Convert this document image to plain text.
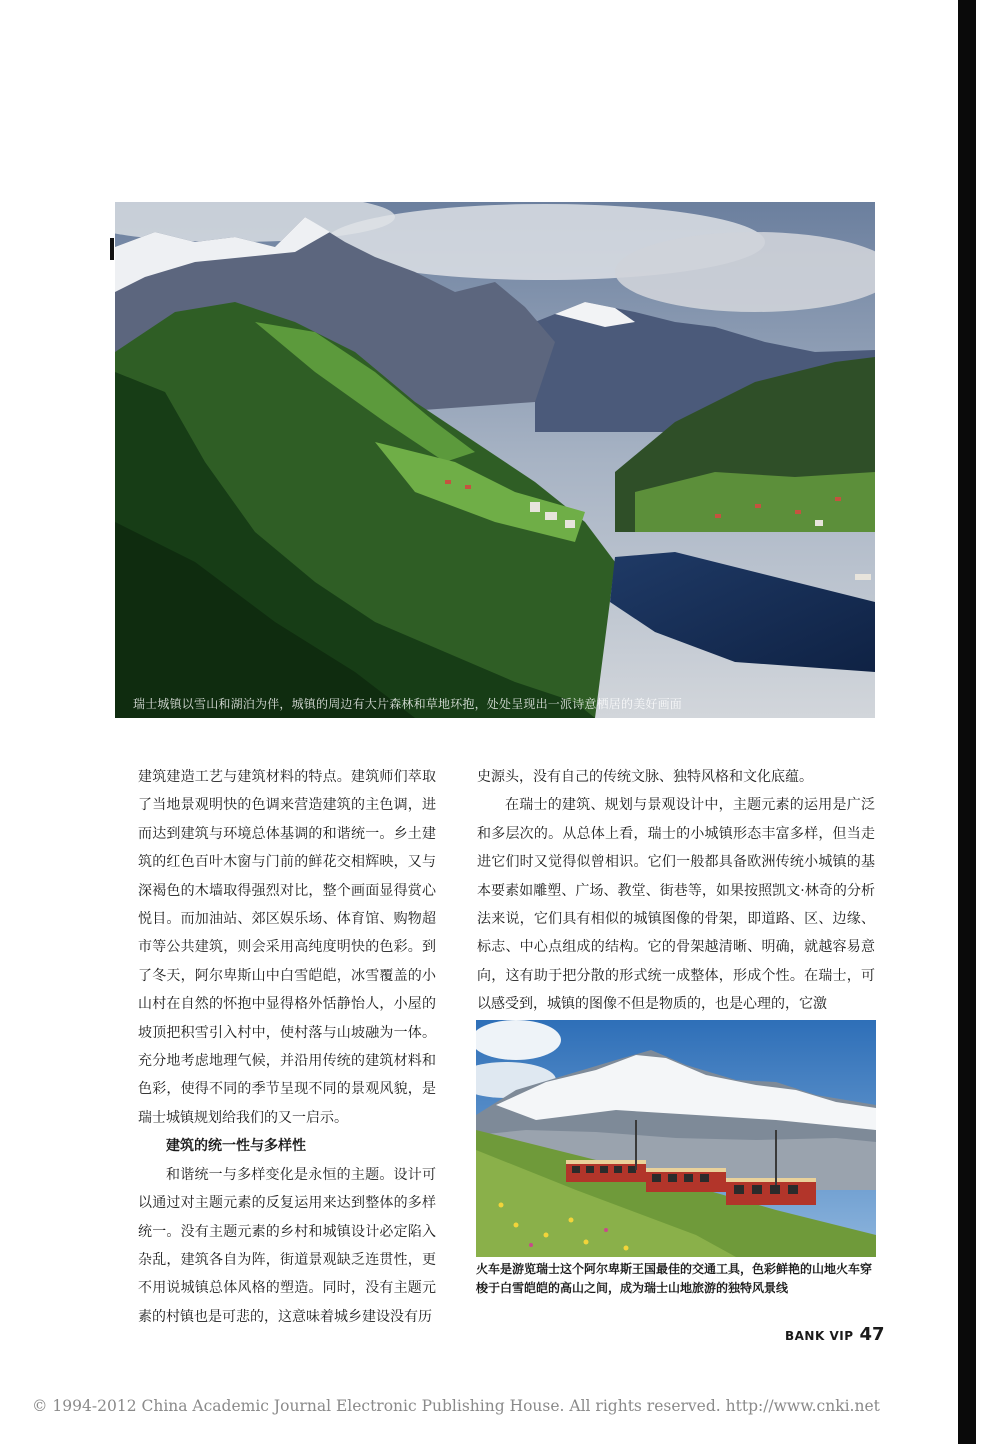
瑞士城镇以雪山和湖泊为伴，城镇的周边有大片森林和草地环抱，处处呈现出一派诗意栖居的美好画面

建筑建造工艺与建筑材料的特点。建筑师们萃取了当地景观明快的色调来营造建筑的主色调，进而达到建筑与环境总体基调的和谐统一。乡土建筑的红色百叶木窗与门前的鲜花交相辉映，又与深褐色的木墙取得强烈对比，整个画面显得赏心悦目。而加油站、郊区娱乐场、体育馆、购物超市等公共建筑，则会采用高纯度明快的色彩。到了冬天，阿尔卑斯山中白雪皑皑，冰雪覆盖的小山村在自然的怀抱中显得格外恬静怡人，小屋的坡顶把积雪引入村中，使村落与山坡融为一体。充分地考虑地理气候，并沿用传统的建筑材料和色彩，使得不同的季节呈现不同的景观风貌，是瑞士城镇规划给我们的又一启示。

建筑的统一性与多样性

和谐统一与多样变化是永恒的主题。设计可以通过对主题元素的反复运用来达到整体的多样统一。没有主题元素的乡村和城镇设计必定陷入杂乱，建筑各自为阵，街道景观缺乏连贯性，更不用说城镇总体风格的塑造。同时，没有主题元素的村镇也是可悲的，这意味着城乡建设没有历

史源头，没有自己的传统文脉、独特风格和文化底蕴。

在瑞士的建筑、规划与景观设计中，主题元素的运用是广泛和多层次的。从总体上看，瑞士的小城镇形态丰富多样，但当走进它们时又觉得似曾相识。它们一般都具备欧洲传统小城镇的基本要素如雕塑、广场、教堂、街巷等，如果按照凯文·林奇的分析法来说，它们具有相似的城镇图像的骨架，即道路、区、边缘、标志、中心点组成的结构。它的骨架越清晰、明确，就越容易意向，这有助于把分散的形式统一成整体，形成个性。在瑞士，可以感受到，城镇的图像不但是物质的，也是心理的，它激

火车是游览瑞士这个阿尔卑斯王国最佳的交通工具，色彩鲜艳的山地火车穿梭于白雪皑皑的高山之间，成为瑞士山地旅游的独特风景线
BANK VIP 47
© 1994-2012 China Academic Journal Electronic Publishing House. All rights reserved. http://www.cnki.net
